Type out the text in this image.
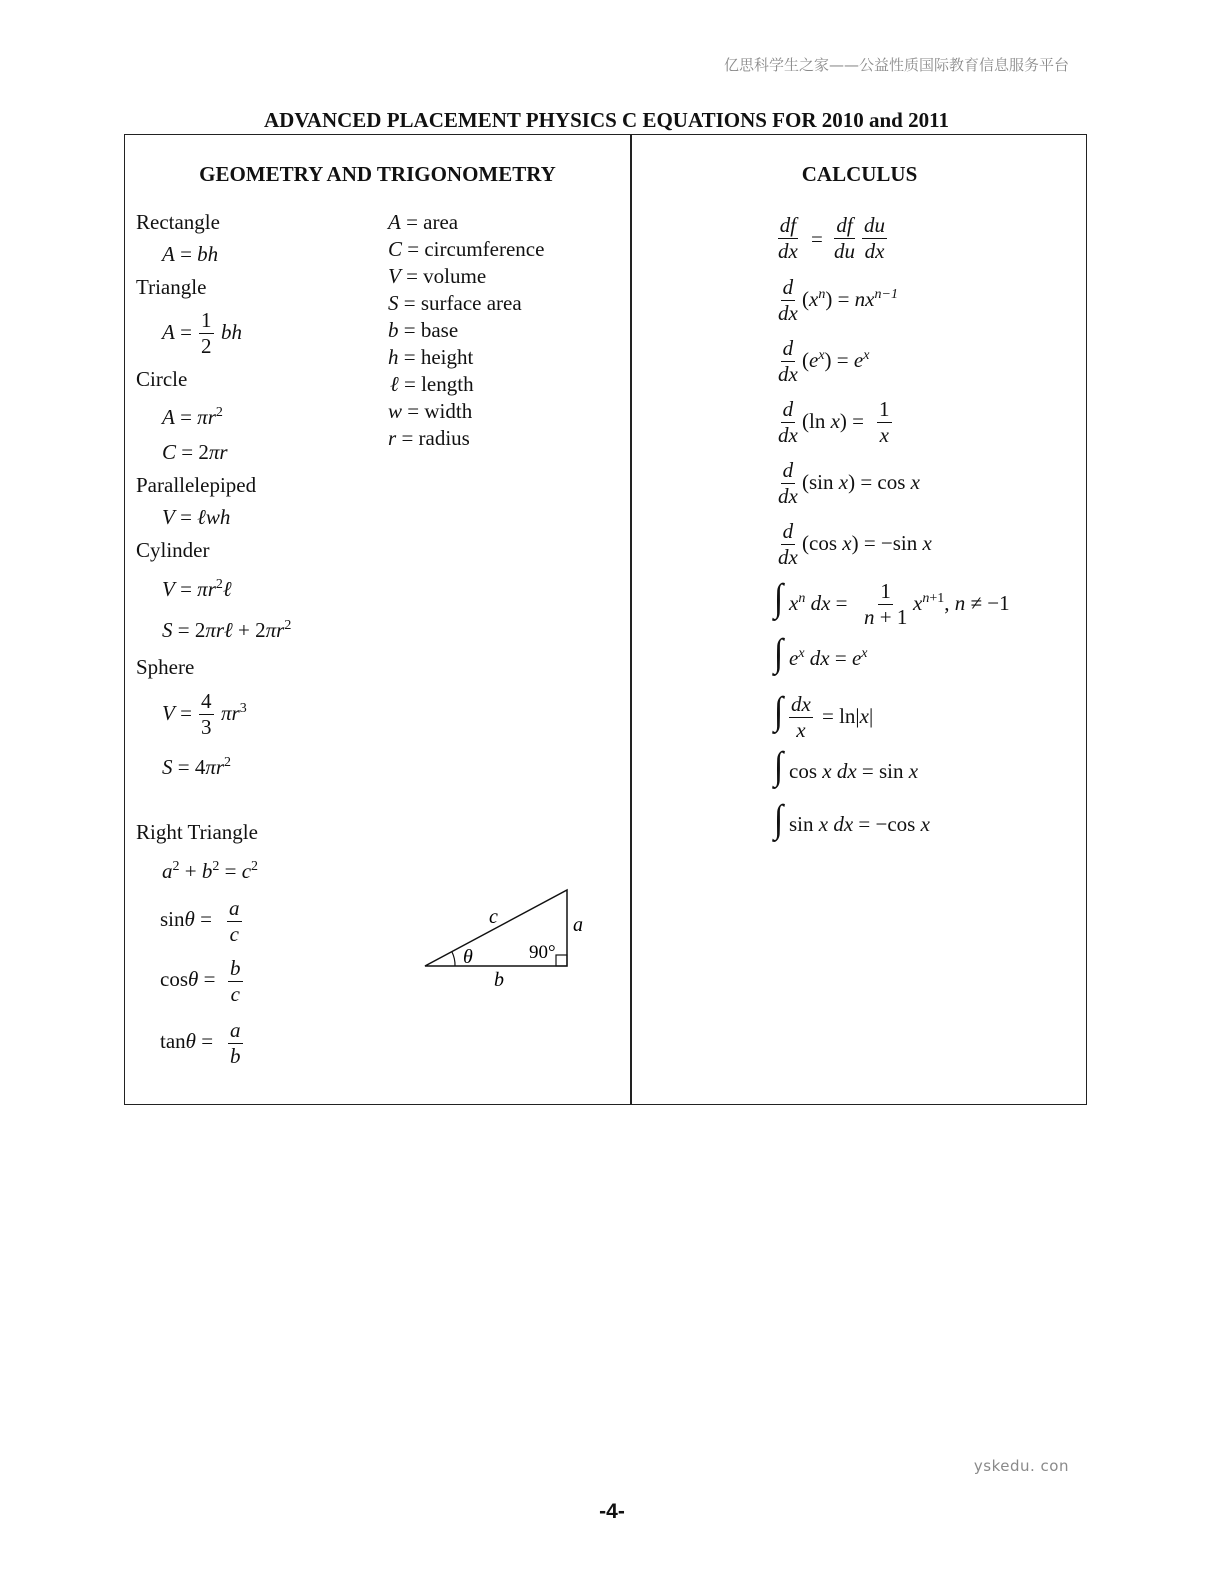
亿思科学生之家——公益性质国际教育信息服务平台
ADVANCED PLACEMENT PHYSICS C EQUATIONS FOR 2010 and 2011
GEOMETRY AND TRIGONOMETRY
Rectangle
A = bh
Triangle
$A = \frac{1}{2}$ bh
Circle
$A = \pi r^2$
C = 2πr
Parallelepiped
V = ℓwh
Cylinder
$V = \pi r^2\ell$
S = 2πrℓ + $2\pi r^2$
Sphere
$V = \frac{4}{3} \pi r^3$
$S = 4\pi r^2$
Right Triangle
$a^2 + b^2 = c^2$
$\sin\theta = \frac{a}{c}$
$\cos\theta = \frac{b}{c}$
$\tan\theta = \frac{a}{b}$
A = area
C = circumference
V = volume
S = surface area
b = base
h = height
ℓ = length
w = width
r = radius
c	a
b
θ	90°
CALCULUS
$\frac{df}{dx} = \frac{df}{du} \frac{du}{dx}$
$\frac{d}{dx} (x^n) = nx^{n-1}$
$\frac{d}{dx} (e^x) = e^x$
$\frac{d}{dx} (\ln$ $x) = \frac{1}{x}$
$\frac{d}{dx} (\sin$ x) = cos x
$\frac{d}{dx} (\cos$ x) = −sin x
∫ $x^n$ dx = $\frac{1}{n + 1} x^{n+1}$, n ≠ −1
∫ $e^x$ dx = $e^x$
∫ $\frac{dx}{x} = \ln|x|$
∫ cos x dx = sin x
∫ sin x dx = −cos x
yskedu. con
-4-
